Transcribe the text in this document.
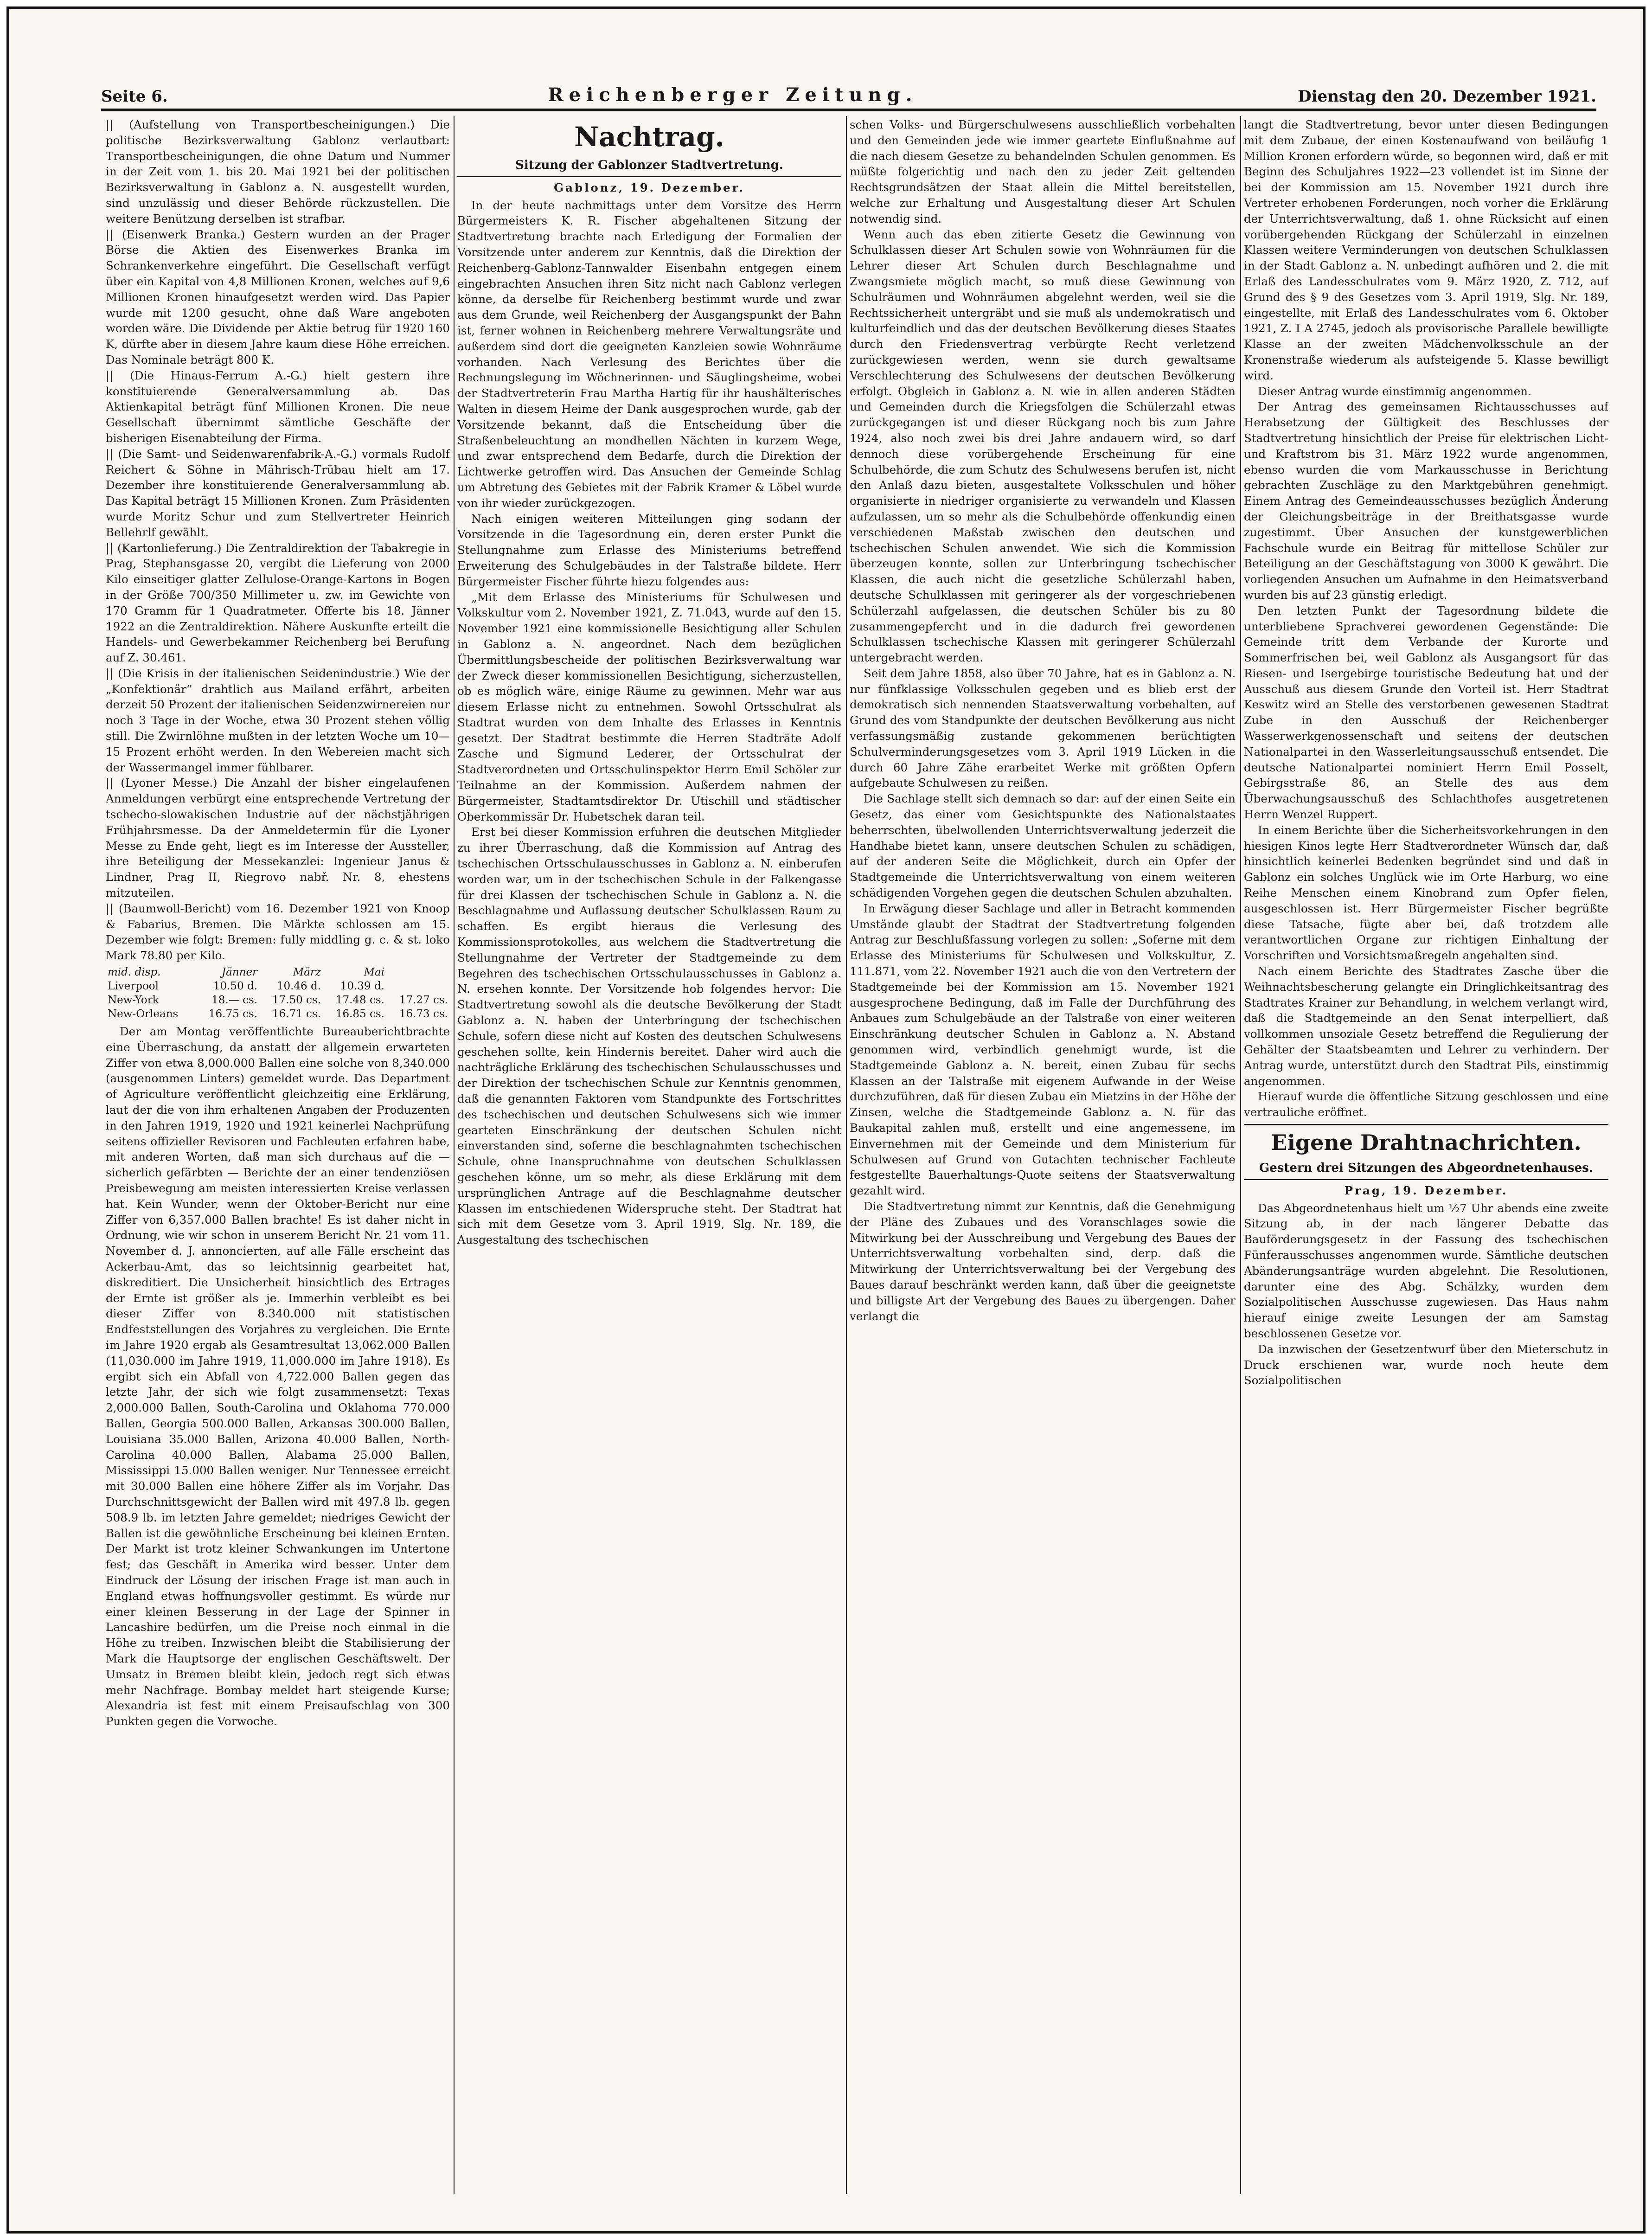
Seite 6.	Reichenberger Zeitung.	Dienstag den 20. Dezember 1921.

|| (Aufstellung von Transportbescheinigungen.) Die politische Bezirksverwaltung Gablonz verlautbart: Transportbescheinigungen, die ohne Datum und Nummer in der Zeit vom 1. bis 20. Mai 1921 bei der politischen Bezirksverwaltung in Gablonz a. N. ausgestellt wurden, sind unzulässig und dieser Behörde rückzustellen. Die weitere Benützung derselben ist strafbar.

|| (Eisenwerk Branka.) Gestern wurden an der Prager Börse die Aktien des Eisenwerkes Branka im Schrankenverkehre eingeführt. Die Gesellschaft verfügt über ein Kapital von 4,8 Millionen Kronen, welches auf 9,6 Millionen Kronen hinaufgesetzt werden wird. Das Papier wurde mit 1200 gesucht, ohne daß Ware angeboten worden wäre. Die Dividende per Aktie betrug für 1920 160 K, dürfte aber in diesem Jahre kaum diese Höhe erreichen. Das Nominale beträgt 800 K.

|| (Die Hinaus-Ferrum A.-G.) hielt gestern ihre konstituierende Generalversammlung ab. Das Aktienkapital beträgt fünf Millionen Kronen. Die neue Gesellschaft übernimmt sämtliche Geschäfte der bisherigen Eisenabteilung der Firma.

|| (Die Samt- und Seidenwarenfabrik-A.-G.) vormals Rudolf Reichert & Söhne in Mährisch-Trübau hielt am 17. Dezember ihre konstituierende Generalversammlung ab. Das Kapital beträgt 15 Millionen Kronen. Zum Präsidenten wurde Moritz Schur und zum Stellvertreter Heinrich Bellehrlf gewählt.

|| (Kartonlieferung.) Die Zentraldirektion der Tabakregie in Prag, Stephansgasse 20, vergibt die Lieferung von 2000 Kilo einseitiger glatter Zellulose-Orange-Kartons in Bogen in der Größe 700/350 Millimeter u. zw. im Gewichte von 170 Gramm für 1 Quadratmeter. Offerte bis 18. Jänner 1922 an die Zentraldirektion. Nähere Auskunfte erteilt die Handels- und Gewerbekammer Reichenberg bei Berufung auf Z. 30.461.

|| (Die Krisis in der italienischen Seidenindustrie.) Wie der „Konfektionär“ drahtlich aus Mailand erfährt, arbeiten derzeit 50 Prozent der italienischen Seidenzwirnereien nur noch 3 Tage in der Woche, etwa 30 Prozent stehen völlig still. Die Zwirnlöhne mußten in der letzten Woche um 10—15 Prozent erhöht werden. In den Webereien macht sich der Wassermangel immer fühlbarer.

|| (Lyoner Messe.) Die Anzahl der bisher eingelaufenen Anmeldungen verbürgt eine entsprechende Vertretung der tschecho-slowakischen Industrie auf der nächstjährigen Frühjahrsmesse. Da der Anmeldetermin für die Lyoner Messe zu Ende geht, liegt es im Interesse der Aussteller, ihre Beteiligung der Messekanzlei: Ingenieur Janus & Lindner, Prag II, Riegrovo nabř. Nr. 8, ehestens mitzuteilen.

|| (Baumwoll-Bericht) vom 16. Dezember 1921 von Knoop & Fabarius, Bremen. Die Märkte schlossen am 15. Dezember wie folgt: Bremen: fully middling g. c. & st. loko Mark 78.80 per Kilo.

mid. disp.	Jänner	März	Mai	
Liverpool	10.50 d.	10.46 d.	10.39 d.	
New-York	18.— cs.	17.50 cs.	17.48 cs.	17.27 cs.
New-Orleans	16.75 cs.	16.71 cs.	16.85 cs.	16.73 cs.

Der am Montag veröffentlichte Bureauberichtbrachte eine Überraschung, da anstatt der allgemein erwarteten Ziffer von etwa 8,000.000 Ballen eine solche von 8,340.000 (ausgenommen Linters) gemeldet wurde. Das Department of Agriculture veröffentlicht gleichzeitig eine Erklärung, laut der die von ihm erhaltenen Angaben der Produzenten in den Jahren 1919, 1920 und 1921 keinerlei Nachprüfung seitens offizieller Revisoren und Fachleuten erfahren habe, mit anderen Worten, daß man sich durchaus auf die — sicherlich gefärbten — Berichte der an einer tendenziösen Preisbewegung am meisten interessierten Kreise verlassen hat. Kein Wunder, wenn der Oktober-Bericht nur eine Ziffer von 6,357.000 Ballen brachte! Es ist daher nicht in Ordnung, wie wir schon in unserem Bericht Nr. 21 vom 11. November d. J. annoncierten, auf alle Fälle erscheint das Ackerbau-Amt, das so leichtsinnig gearbeitet hat, diskreditiert. Die Unsicherheit hinsichtlich des Ertrages der Ernte ist größer als je. Immerhin verbleibt es bei dieser Ziffer von 8.340.000 mit statistischen Endfeststellungen des Vorjahres zu vergleichen. Die Ernte im Jahre 1920 ergab als Gesamtresultat 13,062.000 Ballen (11,030.000 im Jahre 1919, 11,000.000 im Jahre 1918). Es ergibt sich ein Abfall von 4,722.000 Ballen gegen das letzte Jahr, der sich wie folgt zusammensetzt: Texas 2,000.000 Ballen, South-Carolina und Oklahoma 770.000 Ballen, Georgia 500.000 Ballen, Arkansas 300.000 Ballen, Louisiana 35.000 Ballen, Arizona 40.000 Ballen, North-Carolina 40.000 Ballen, Alabama 25.000 Ballen, Mississippi 15.000 Ballen weniger. Nur Tennessee erreicht mit 30.000 Ballen eine höhere Ziffer als im Vorjahr. Das Durchschnittsgewicht der Ballen wird mit 497.8 lb. gegen 508.9 lb. im letzten Jahre gemeldet; niedriges Gewicht der Ballen ist die gewöhnliche Erscheinung bei kleinen Ernten. Der Markt ist trotz kleiner Schwankungen im Untertone fest; das Geschäft in Amerika wird besser. Unter dem Eindruck der Lösung der irischen Frage ist man auch in England etwas hoffnungsvoller gestimmt. Es würde nur einer kleinen Besserung in der Lage der Spinner in Lancashire bedürfen, um die Preise noch einmal in die Höhe zu treiben. Inzwischen bleibt die Stabilisierung der Mark die Hauptsorge der englischen Geschäftswelt. Der Umsatz in Bremen bleibt klein, jedoch regt sich etwas mehr Nachfrage. Bombay meldet hart steigende Kurse; Alexandria ist fest mit einem Preisaufschlag von 300 Punkten gegen die Vorwoche.

Nachtrag.
Sitzung der Gablonzer Stadtvertretung.
Gablonz, 19. Dezember.

In der heute nachmittags unter dem Vorsitze des Herrn Bürgermeisters K. R. Fischer abgehaltenen Sitzung der Stadtvertretung brachte nach Erledigung der Formalien der Vorsitzende unter anderem zur Kenntnis, daß die Direktion der Reichenberg-Gablonz-Tannwalder Eisenbahn entgegen einem eingebrachten Ansuchen ihren Sitz nicht nach Gablonz verlegen könne, da derselbe für Reichenberg bestimmt wurde und zwar aus dem Grunde, weil Reichenberg der Ausgangspunkt der Bahn ist, ferner wohnen in Reichenberg mehrere Verwaltungsräte und außerdem sind dort die geeigneten Kanzleien sowie Wohnräume vorhanden. Nach Verlesung des Berichtes über die Rechnungslegung im Wöchnerinnen- und Säuglingsheime, wobei der Stadtvertreterin Frau Martha Hartig für ihr haushälterisches Walten in diesem Heime der Dank ausgesprochen wurde, gab der Vorsitzende bekannt, daß die Entscheidung über die Straßenbeleuchtung an mondhellen Nächten in kurzem Wege, und zwar entsprechend dem Bedarfe, durch die Direktion der Lichtwerke getroffen wird. Das Ansuchen der Gemeinde Schlag um Abtretung des Gebietes mit der Fabrik Kramer & Löbel wurde von ihr wieder zurückgezogen.

Nach einigen weiteren Mitteilungen ging sodann der Vorsitzende in die Tagesordnung ein, deren erster Punkt die Stellungnahme zum Erlasse des Ministeriums betreffend Erweiterung des Schulgebäudes in der Talstraße bildete. Herr Bürgermeister Fischer führte hiezu folgendes aus:

„Mit dem Erlasse des Ministeriums für Schulwesen und Volkskultur vom 2. November 1921, Z. 71.043, wurde auf den 15. November 1921 eine kommissionelle Besichtigung aller Schulen in Gablonz a. N. angeordnet. Nach dem bezüglichen Übermittlungsbescheide der politischen Bezirksverwaltung war der Zweck dieser kommissionellen Besichtigung, sicherzustellen, ob es möglich wäre, einige Räume zu gewinnen. Mehr war aus diesem Erlasse nicht zu entnehmen. Sowohl Ortsschulrat als Stadtrat wurden von dem Inhalte des Erlasses in Kenntnis gesetzt. Der Stadtrat bestimmte die Herren Stadträte Adolf Zasche und Sigmund Lederer, der Ortsschulrat der Stadtverordneten und Ortsschulinspektor Herrn Emil Schöler zur Teilnahme an der Kommission. Außerdem nahmen der Bürgermeister, Stadtamtsdirektor Dr. Utischill und städtischer Oberkommissär Dr. Hubetschek daran teil.

Erst bei dieser Kommission erfuhren die deutschen Mitglieder zu ihrer Überraschung, daß die Kommission auf Antrag des tschechischen Ortsschulausschusses in Gablonz a. N. einberufen worden war, um in der tschechischen Schule in der Falkengasse für drei Klassen der tschechischen Schule in Gablonz a. N. die Beschlagnahme und Auflassung deutscher Schulklassen Raum zu schaffen. Es ergibt hieraus die Verlesung des Kommissionsprotokolles, aus welchem die Stadtvertretung die Stellungnahme der Vertreter der Stadtgemeinde zu dem Begehren des tschechischen Ortsschulausschusses in Gablonz a. N. ersehen konnte. Der Vorsitzende hob folgendes hervor: Die Stadtvertretung sowohl als die deutsche Bevölkerung der Stadt Gablonz a. N. haben der Unterbringung der tschechischen Schule, sofern diese nicht auf Kosten des deutschen Schulwesens geschehen sollte, kein Hindernis bereitet. Daher wird auch die nachträgliche Erklärung des tschechischen Schulausschusses und der Direktion der tschechischen Schule zur Kenntnis genommen, daß die genannten Faktoren vom Standpunkte des Fortschrittes des tschechischen und deutschen Schulwesens sich wie immer gearteten Einschränkung der deutschen Schulen nicht einverstanden sind, soferne die beschlagnahmten tschechischen Schule, ohne Inanspruchnahme von deutschen Schulklassen geschehen könne, um so mehr, als diese Erklärung mit dem ursprünglichen Antrage auf die Beschlagnahme deutscher Klassen im entschiedenen Widerspruche steht. Der Stadtrat hat sich mit dem Gesetze vom 3. April 1919, Slg. Nr. 189, die Ausgestaltung des tschechischen

schen Volks- und Bürgerschulwesens ausschließlich vorbehalten und den Gemeinden jede wie immer geartete Einflußnahme auf die nach diesem Gesetze zu behandelnden Schulen genommen. Es müßte folgerichtig und nach den zu jeder Zeit geltenden Rechtsgrundsätzen der Staat allein die Mittel bereitstellen, welche zur Erhaltung und Ausgestaltung dieser Art Schulen notwendig sind.

Wenn auch das eben zitierte Gesetz die Gewinnung von Schulklassen dieser Art Schulen sowie von Wohnräumen für die Lehrer dieser Art Schulen durch Beschlagnahme und Zwangsmiete möglich macht, so muß diese Gewinnung von Schulräumen und Wohnräumen abgelehnt werden, weil sie die Rechtssicherheit untergräbt und sie muß als undemokratisch und kulturfeindlich und das der deutschen Bevölkerung dieses Staates durch den Friedensvertrag verbürgte Recht verletzend zurückgewiesen werden, wenn sie durch gewaltsame Verschlechterung des Schulwesens der deutschen Bevölkerung erfolgt. Obgleich in Gablonz a. N. wie in allen anderen Städten und Gemeinden durch die Kriegsfolgen die Schülerzahl etwas zurückgegangen ist und dieser Rückgang noch bis zum Jahre 1924, also noch zwei bis drei Jahre andauern wird, so darf dennoch diese vorübergehende Erscheinung für eine Schulbehörde, die zum Schutz des Schulwesens berufen ist, nicht den Anlaß dazu bieten, ausgestaltete Volksschulen und höher organisierte in niedriger organisierte zu verwandeln und Klassen aufzulassen, um so mehr als die Schulbehörde offenkundig einen verschiedenen Maßstab zwischen den deutschen und tschechischen Schulen anwendet. Wie sich die Kommission überzeugen konnte, sollen zur Unterbringung tschechischer Klassen, die auch nicht die gesetzliche Schülerzahl haben, deutsche Schulklassen mit geringerer als der vorgeschriebenen Schülerzahl aufgelassen, die deutschen Schüler bis zu 80 zusammengepfercht und in die dadurch frei gewordenen Schulklassen tschechische Klassen mit geringerer Schülerzahl untergebracht werden.

Seit dem Jahre 1858, also über 70 Jahre, hat es in Gablonz a. N. nur fünfklassige Volksschulen gegeben und es blieb erst der demokratisch sich nennenden Staatsverwaltung vorbehalten, auf Grund des vom Standpunkte der deutschen Bevölkerung aus nicht verfassungsmäßig zustande gekommenen berüchtigten Schulverminderungsgesetzes vom 3. April 1919 Lücken in die durch 60 Jahre Zähe erarbeitet Werke mit größten Opfern aufgebaute Schulwesen zu reißen.

Die Sachlage stellt sich demnach so dar: auf der einen Seite ein Gesetz, das einer vom Gesichtspunkte des Nationalstaates beherrschten, übelwollenden Unterrichtsverwaltung jederzeit die Handhabe bietet kann, unsere deutschen Schulen zu schädigen, auf der anderen Seite die Möglichkeit, durch ein Opfer der Stadtgemeinde die Unterrichtsverwaltung von einem weiteren schädigenden Vorgehen gegen die deutschen Schulen abzuhalten.

In Erwägung dieser Sachlage und aller in Betracht kommenden Umstände glaubt der Stadtrat der Stadtvertretung folgenden Antrag zur Beschlußfassung vorlegen zu sollen: „Soferne mit dem Erlasse des Ministeriums für Schulwesen und Volkskultur, Z. 111.871, vom 22. November 1921 auch die von den Vertretern der Stadtgemeinde bei der Kommission am 15. November 1921 ausgesprochene Bedingung, daß im Falle der Durchführung des Anbaues zum Schulgebäude an der Talstraße von einer weiteren Einschränkung deutscher Schulen in Gablonz a. N. Abstand genommen wird, verbindlich genehmigt wurde, ist die Stadtgemeinde Gablonz a. N. bereit, einen Zubau für sechs Klassen an der Talstraße mit eigenem Aufwande in der Weise durchzuführen, daß für diesen Zubau ein Mietzins in der Höhe der Zinsen, welche die Stadtgemeinde Gablonz a. N. für das Baukapital zahlen muß, erstellt und eine angemessene, im Einvernehmen mit der Gemeinde und dem Ministerium für Schulwesen auf Grund von Gutachten technischer Fachleute festgestellte Bauerhaltungs-Quote seitens der Staatsverwaltung gezahlt wird.

Die Stadtvertretung nimmt zur Kenntnis, daß die Genehmigung der Pläne des Zubaues und des Voranschlages sowie die Mitwirkung bei der Ausschreibung und Vergebung des Baues der Unterrichtsverwaltung vorbehalten sind, derp. daß die Mitwirkung der Unterrichtsverwaltung bei der Vergebung des Baues darauf beschränkt werden kann, daß über die geeignetste und billigste Art der Vergebung des Baues zu übergengen. Daher verlangt die

langt die Stadtvertretung, bevor unter diesen Bedingungen mit dem Zubaue, der einen Kostenaufwand von beiläufig 1 Million Kronen erfordern würde, so begonnen wird, daß er mit Beginn des Schuljahres 1922—23 vollendet ist im Sinne der bei der Kommission am 15. November 1921 durch ihre Vertreter erhobenen Forderungen, noch vorher die Erklärung der Unterrichtsverwaltung, daß 1. ohne Rücksicht auf einen vorübergehenden Rückgang der Schülerzahl in einzelnen Klassen weitere Verminderungen von deutschen Schulklassen in der Stadt Gablonz a. N. unbedingt aufhören und 2. die mit Erlaß des Landesschulrates vom 9. März 1920, Z. 712, auf Grund des § 9 des Gesetzes vom 3. April 1919, Slg. Nr. 189, eingestellte, mit Erlaß des Landesschulrates vom 6. Oktober 1921, Z. I A 2745, jedoch als provisorische Parallele bewilligte Klasse an der zweiten Mädchenvolksschule an der Kronenstraße wiederum als aufsteigende 5. Klasse bewilligt wird.

Dieser Antrag wurde einstimmig angenommen.

Der Antrag des gemeinsamen Richtausschusses auf Herabsetzung der Gültigkeit des Beschlusses der Stadtvertretung hinsichtlich der Preise für elektrischen Licht- und Kraftstrom bis 31. März 1922 wurde angenommen, ebenso wurden die vom Markausschusse in Berichtung gebrachten Zuschläge zu den Marktgebühren genehmigt. Einem Antrag des Gemeindeausschusses bezüglich Änderung der Gleichungsbeiträge in der Breithatsgasse wurde zugestimmt. Über Ansuchen der kunstgewerblichen Fachschule wurde ein Beitrag für mittellose Schüler zur Beteiligung an der Geschäftstagung von 3000 K gewährt. Die vorliegenden Ansuchen um Aufnahme in den Heimatsverband wurden bis auf 23 günstig erledigt.

Den letzten Punkt der Tagesordnung bildete die unterbliebene Sprachverei gewordenen Gegenstände: Die Gemeinde tritt dem Verbande der Kurorte und Sommerfrischen bei, weil Gablonz als Ausgangsort für das Riesen- und Isergebirge touristische Bedeutung hat und der Ausschuß aus diesem Grunde den Vorteil ist. Herr Stadtrat Keswitz wird an Stelle des verstorbenen gewesenen Stadtrat Zube in den Ausschuß der Reichenberger Wasserwerkgenossenschaft und seitens der deutschen Nationalpartei in den Wasserleitungsausschuß entsendet. Die deutsche Nationalpartei nominiert Herrn Emil Posselt, Gebirgsstraße 86, an Stelle des aus dem Überwachungsausschuß des Schlachthofes ausgetretenen Herrn Wenzel Ruppert.

In einem Berichte über die Sicherheitsvorkehrungen in den hiesigen Kinos legte Herr Stadtverordneter Wünsch dar, daß hinsichtlich keinerlei Bedenken begründet sind und daß in Gablonz ein solches Unglück wie im Orte Harburg, wo eine Reihe Menschen einem Kinobrand zum Opfer fielen, ausgeschlossen ist. Herr Bürgermeister Fischer begrüßte diese Tatsache, fügte aber bei, daß trotzdem alle verantwortlichen Organe zur richtigen Einhaltung der Vorschriften und Vorsichtsmaßregeln angehalten sind.

Nach einem Berichte des Stadtrates Zasche über die Weihnachtsbescherung gelangte ein Dringlichkeitsantrag des Stadtrates Krainer zur Behandlung, in welchem verlangt wird, daß die Stadtgemeinde an den Senat interpelliert, daß vollkommen unsoziale Gesetz betreffend die Regulierung der Gehälter der Staatsbeamten und Lehrer zu verhindern. Der Antrag wurde, unterstützt durch den Stadtrat Pils, einstimmig angenommen.

Hierauf wurde die öffentliche Sitzung geschlossen und eine vertrauliche eröffnet.

Eigene Drahtnachrichten.
Gestern drei Sitzungen des Abgeordnetenhauses.
Prag, 19. Dezember.

Das Abgeordnetenhaus hielt um ½7 Uhr abends eine zweite Sitzung ab, in der nach längerer Debatte das Bauförderungsgesetz in der Fassung des tschechischen Fünferausschusses angenommen wurde. Sämtliche deutschen Abänderungsanträge wurden abgelehnt. Die Resolutionen, darunter eine des Abg. Schälzky, wurden dem Sozialpolitischen Ausschusse zugewiesen. Das Haus nahm hierauf einige zweite Lesungen der am Samstag beschlossenen Gesetze vor.

Da inzwischen der Gesetzentwurf über den Mieterschutz in Druck erschienen war, wurde noch heute dem Sozialpolitischen
